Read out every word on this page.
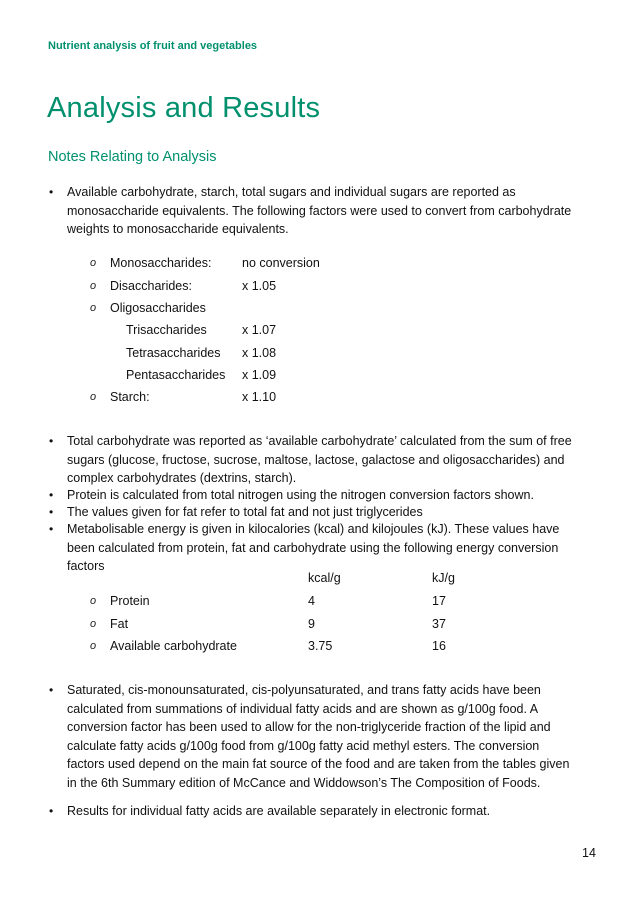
Nutrient analysis of fruit and vegetables
Analysis and Results
Notes Relating to Analysis
• Available carbohydrate, starch, total sugars and individual sugars are reported as
monosaccharide equivalents. The following factors were used to convert from carbohydrate
weights to monosaccharide equivalents.
o Monosaccharides: no conversion
o Disaccharides:	x 1.05
o Oligosaccharides
Trisaccharides	x 1.07
Tetrasaccharides x 1.08
Pentasaccharides x 1.09
o Starch:	x 1.10
• Total carbohydrate was reported as ‘available carbohydrate’ calculated from the sum of free
sugars (glucose, fructose, sucrose, maltose, lactose, galactose and oligosaccharides) and
complex carbohydrates (dextrins, starch).
• Protein is calculated from total nitrogen using the nitrogen conversion factors shown.
• The values given for fat refer to total fat and not just triglycerides
• Metabolisable energy is given in kilocalories (kcal) and kilojoules (kJ). These values have
been calculated from protein, fat and carbohydrate using the following energy conversion
factors
kcal/g	kJ/g
o Protein	4	17
o Fat	9	37
o Available carbohydrate	3.75	16
• Saturated, cis-monounsaturated, cis-polyunsaturated, and trans fatty acids have been
calculated from summations of individual fatty acids and are shown as g/100g food. A
conversion factor has been used to allow for the non-triglyceride fraction of the lipid and
calculate fatty acids g/100g food from g/100g fatty acid methyl esters. The conversion
factors used depend on the main fat source of the food and are taken from the tables given
in the 6th Summary edition of McCance and Widdowson’s The Composition of Foods.
• Results for individual fatty acids are available separately in electronic format.
14
